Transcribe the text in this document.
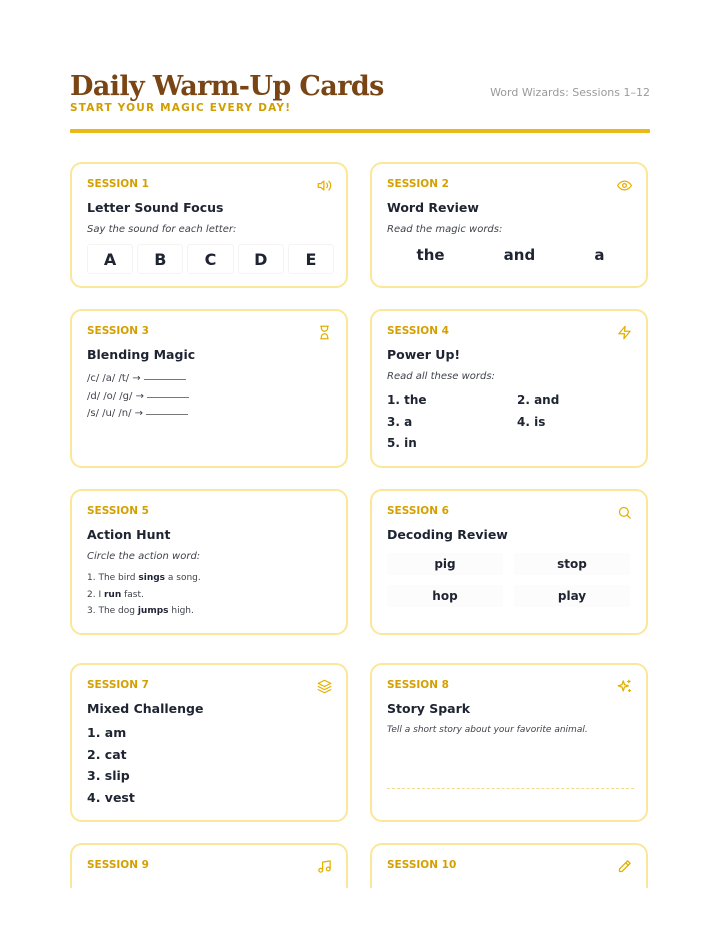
Daily Warm-Up Cards
START YOUR MAGIC EVERY DAY!
Word Wizards: Sessions 1–12
SESSION 1
Letter Sound Focus
Say the sound for each letter:
A	B	C	D	E
SESSION 2
Word Review
Read the magic words:
the	and	a
SESSION 3
Blending Magic
/c/ /a/ /t/ →
/d/ /o/ /g/ →
/s/ /u/ /n/ →
SESSION 4
Power Up!
Read all these words:
1. the	2. and
3. a	4. is
5. in
SESSION 5
Action Hunt
Circle the action word:
1. The bird sings a song.
2. I run fast.
3. The dog jumps high.
SESSION 6
Decoding Review
pig	stop
hop	play
SESSION 7
Mixed Challenge
1. am
2. cat
3. slip
4. vest
SESSION 8
Story Spark
Tell a short story about your favorite animal.
SESSION 9	SESSION 10
